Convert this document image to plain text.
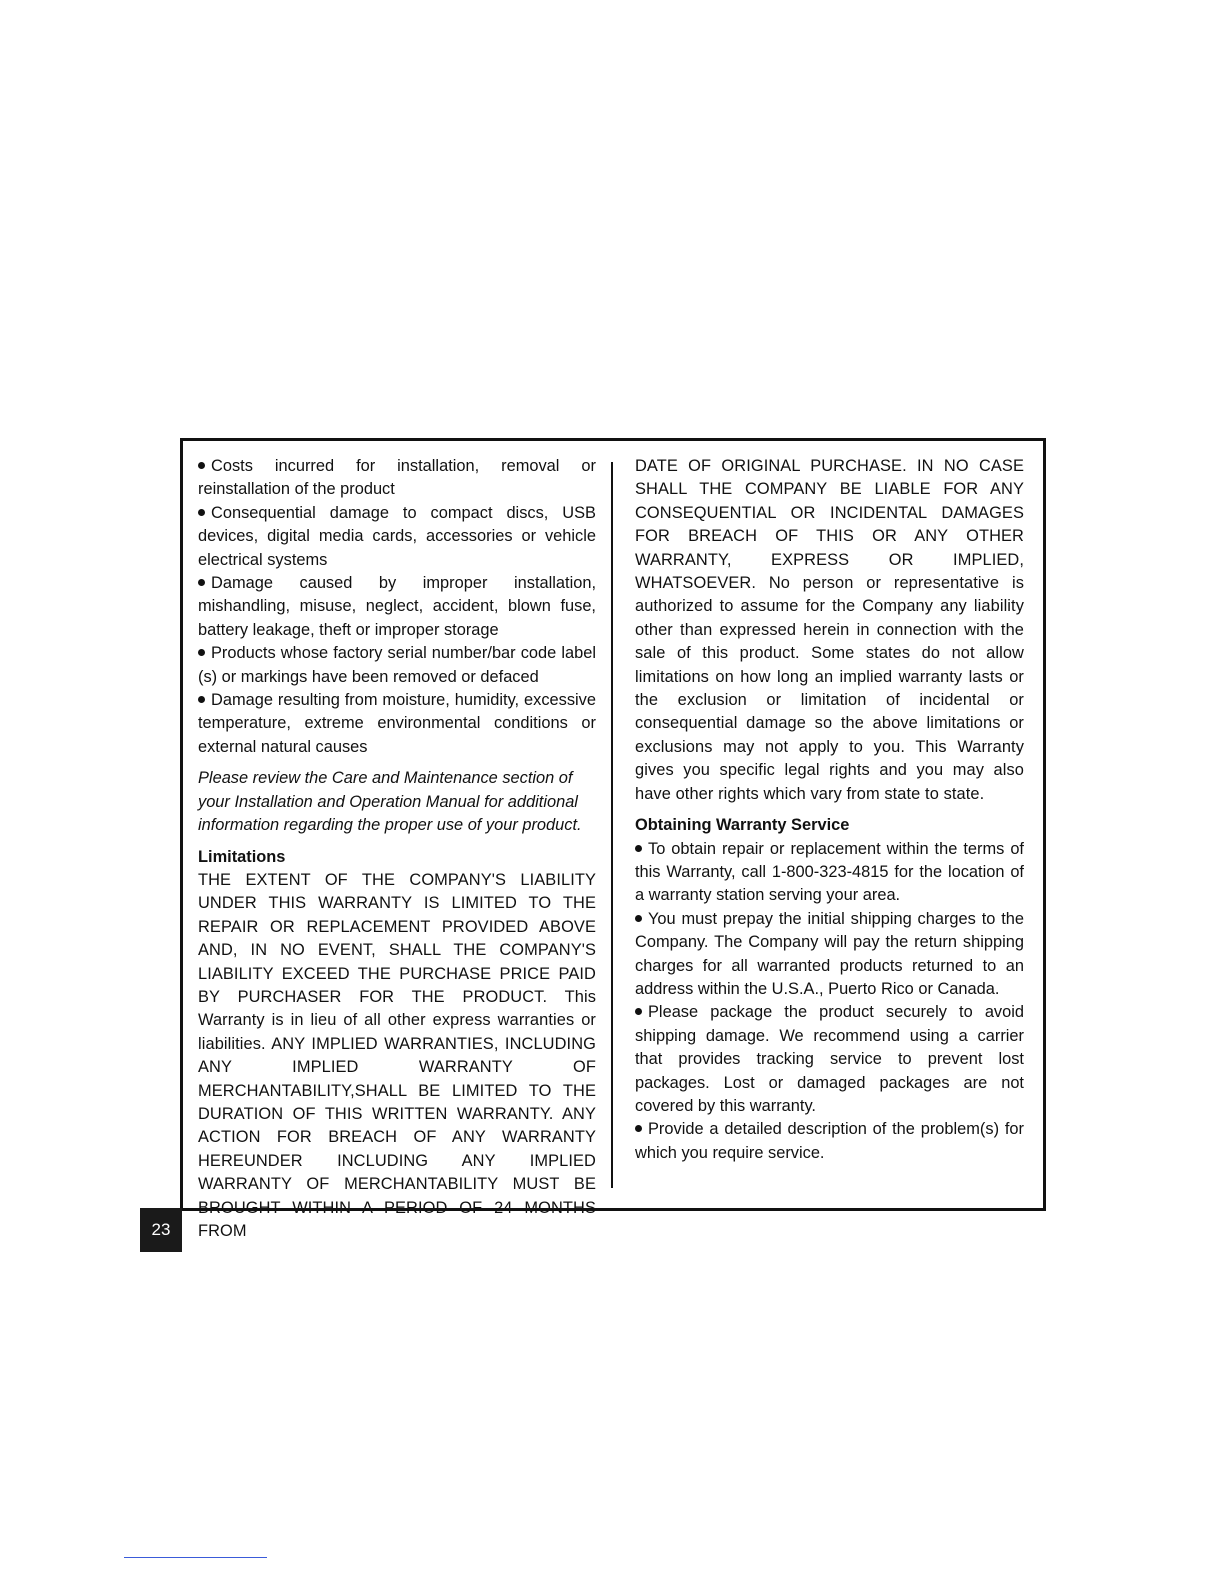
Costs incurred for installation, removal or reinstallation of the product

Consequential damage to compact discs, USB devices, digital media cards, accessories or vehicle electrical systems

Damage caused by improper installation, mishandling, misuse, neglect, accident, blown fuse, battery leakage, theft or improper storage

Products whose factory serial number/bar code label (s) or markings have been removed or defaced

Damage resulting from moisture, humidity, excessive temperature, extreme environmental conditions or external natural causes

Please review the Care and Maintenance section of your Installation and Operation Manual for additional information regarding the proper use of your product.

Limitations

THE EXTENT OF THE COMPANY'S LIABILITY UNDER THIS WARRANTY IS LIMITED TO THE REPAIR OR REPLACEMENT PROVIDED ABOVE AND, IN NO EVENT, SHALL THE COMPANY'S LIABILITY EXCEED THE PURCHASE PRICE PAID BY PURCHASER FOR THE PRODUCT. This Warranty is in lieu of all other express warranties or liabilities. ANY IMPLIED WARRANTIES, INCLUDING ANY IMPLIED WARRANTY OF MERCHANTABILITY,SHALL BE LIMITED TO THE DURATION OF THIS WRITTEN WARRANTY. ANY ACTION FOR BREACH OF ANY WARRANTY HEREUNDER INCLUDING ANY IMPLIED WARRANTY OF MERCHANTABILITY MUST BE BROUGHT WITHIN A PERIOD OF 24 MONTHS FROM

DATE OF ORIGINAL PURCHASE. IN NO CASE SHALL THE COMPANY BE LIABLE FOR ANY CONSEQUENTIAL OR INCIDENTAL DAMAGES FOR BREACH OF THIS OR ANY OTHER WARRANTY, EXPRESS OR IMPLIED, WHATSOEVER. No person or representative is authorized to assume for the Company any liability other than expressed herein in connection with the sale of this product. Some states do not allow limitations on how long an implied warranty lasts or the exclusion or limitation of incidental or consequential damage so the above limitations or exclusions may not apply to you. This Warranty gives you specific legal rights and you may also have other rights which vary from state to state.

Obtaining Warranty Service

To obtain repair or replacement within the terms of this Warranty, call 1-800-323-4815 for the location of a warranty station serving your area.

You must prepay the initial shipping charges to the Company. The Company will pay the return shipping charges for all warranted products returned to an address within the U.S.A., Puerto Rico or Canada.

Please package the product securely to avoid shipping damage. We recommend using a carrier that provides tracking service to prevent lost packages. Lost or damaged packages are not covered by this warranty.

Provide a detailed description of the problem(s) for which you require service.

23
